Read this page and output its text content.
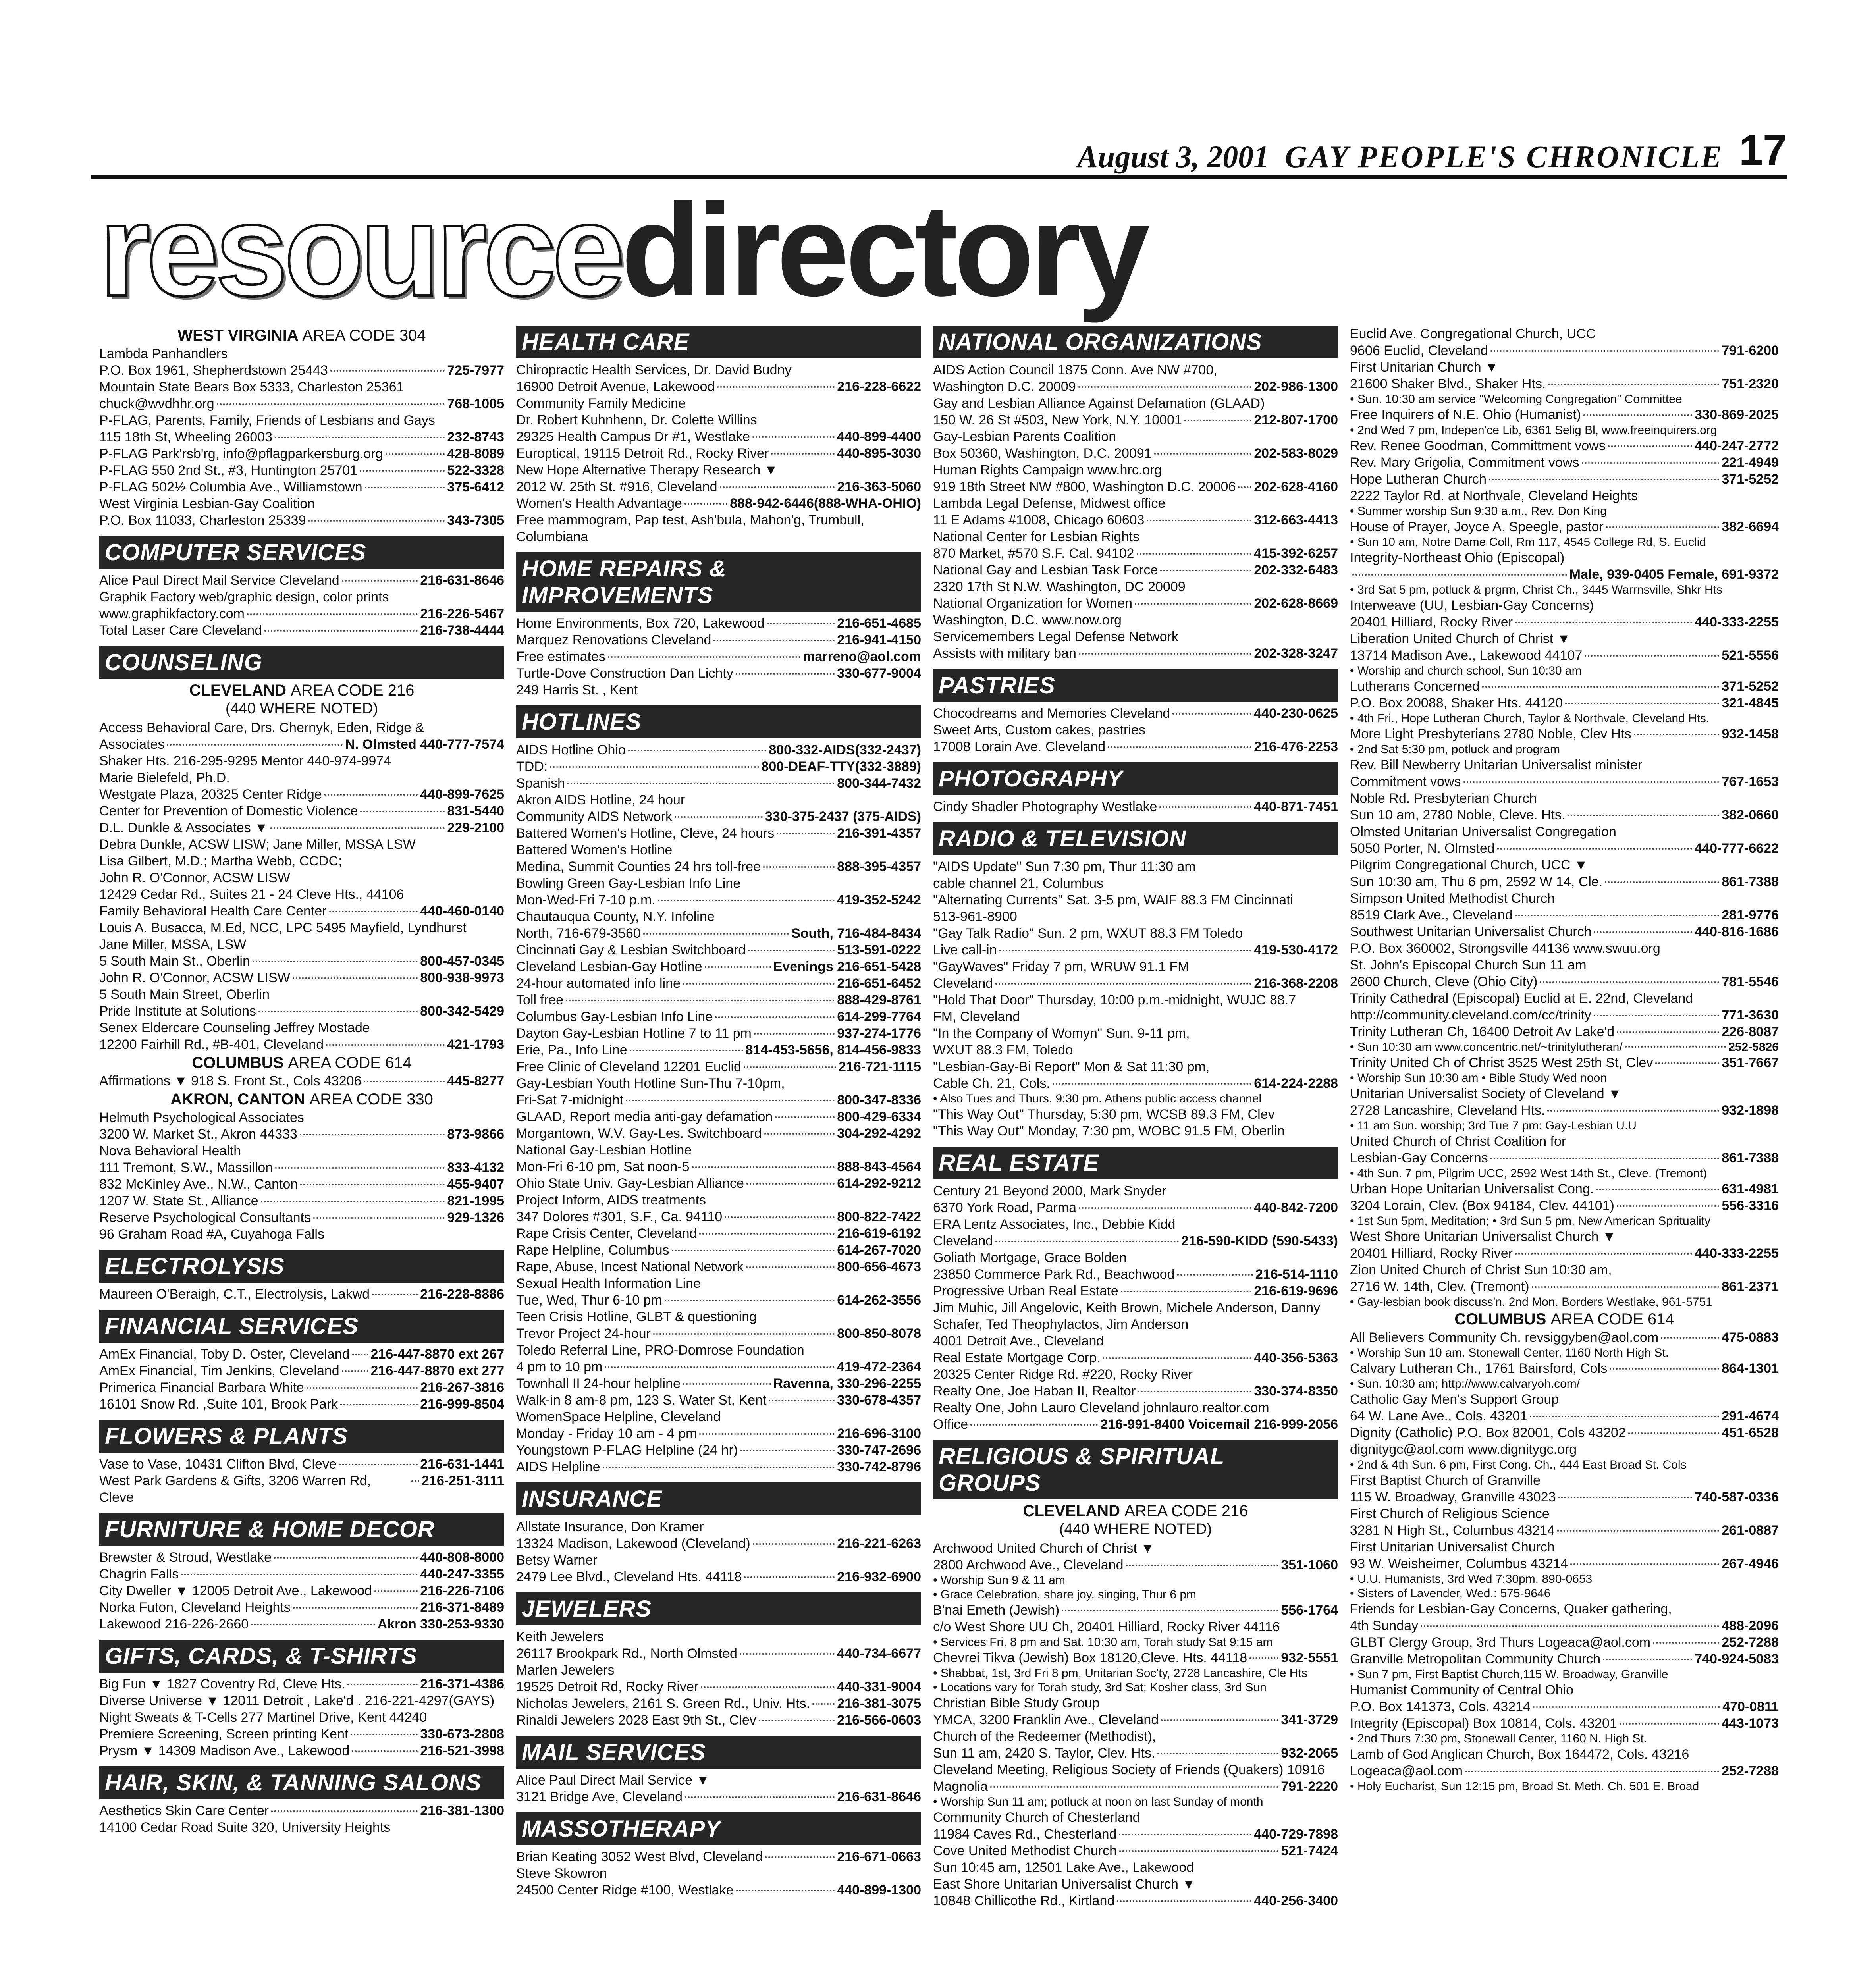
August 3, 2001 GAY PEOPLE'S CHRONICLE 17
resourcedirectory
WEST VIRGINIA AREA CODE 304
Lambda Panhandlers
P.O. Box 1961, Shepherdstown 25443	725-7977
Mountain State Bears Box 5333, Charleston 25361
chuck@wvdhhr.org	768-1005
P-FLAG, Parents, Family, Friends of Lesbians and Gays
115 18th St, Wheeling 26003	232-8743
P-FLAG Park'rsb'rg, info@pflagparkersburg.org	428-8089
P-FLAG 550 2nd St., #3, Huntington 25701	522-3328
P-FLAG 502½ Columbia Ave., Williamstown	375-6412
West Virginia Lesbian-Gay Coalition
P.O. Box 11033, Charleston 25339	343-7305
COMPUTER SERVICES
Alice Paul Direct Mail Service Cleveland	216-631-8646
Graphik Factory web/graphic design, color prints
www.graphikfactory.com	216-226-5467
Total Laser Care Cleveland	216-738-4444
COUNSELING
CLEVELAND AREA CODE 216
(440 WHERE NOTED)
Access Behavioral Care, Drs. Chernyk, Eden, Ridge &
Associates	N. Olmsted 440-777-7574
Shaker Hts. 216-295-9295 Mentor 440-974-9974
Marie Bielefeld, Ph.D.
Westgate Plaza, 20325 Center Ridge	440-899-7625
Center for Prevention of Domestic Violence	831-5440
D.L. Dunkle & Associates ▼	229-2100
Debra Dunkle, ACSW LISW; Jane Miller, MSSA LSW
Lisa Gilbert, M.D.; Martha Webb, CCDC;
John R. O'Connor, ACSW LISW
12429 Cedar Rd., Suites 21 - 24 Cleve Hts., 44106
Family Behavioral Health Care Center	440-460-0140
Louis A. Busacca, M.Ed, NCC, LPC 5495 Mayfield, Lyndhurst
Jane Miller, MSSA, LSW
5 South Main St., Oberlin	800-457-0345
John R. O'Connor, ACSW LISW	800-938-9973
5 South Main Street, Oberlin
Pride Institute at Solutions	800-342-5429
Senex Eldercare Counseling Jeffrey Mostade
12200 Fairhill Rd., #B-401, Cleveland	421-1793
COLUMBUS AREA CODE 614
Affirmations ▼ 918 S. Front St., Cols 43206	445-8277
AKRON, CANTON AREA CODE 330
Helmuth Psychological Associates
3200 W. Market St., Akron 44333	873-9866
Nova Behavioral Health
111 Tremont, S.W., Massillon	833-4132
832 McKinley Ave., N.W., Canton	455-9407
1207 W. State St., Alliance	821-1995
Reserve Psychological Consultants	929-1326
96 Graham Road #A, Cuyahoga Falls
ELECTROLYSIS
Maureen O'Beraigh, C.T., Electrolysis, Lakwd	216-228-8886
FINANCIAL SERVICES
AmEx Financial, Toby D. Oster, Cleveland 216-447-8870 ext 267
AmEx Financial, Tim Jenkins, Cleveland 216-447-8870 ext 277
Primerica Financial Barbara White	216-267-3816
16101 Snow Rd. ,Suite 101, Brook Park	216-999-8504
FLOWERS & PLANTS
Vase to Vase, 10431 Clifton Blvd, Cleve	216-631-1441
West Park Gardens & Gifts, 3206 Warren Rd, Cleve
216-251-3111
FURNITURE & HOME DECOR
Brewster & Stroud, Westlake	440-808-8000
Chagrin Falls	440-247-3355
City Dweller ▼ 12005 Detroit Ave., Lakewood	216-226-7106
Norka Futon, Cleveland Heights	216-371-8489
Lakewood 216-226-2660	Akron 330-253-9330
GIFTS, CARDS, & T-SHIRTS
Big Fun ▼ 1827 Coventry Rd, Cleve Hts.	216-371-4386
Diverse Universe ▼ 12011 Detroit , Lake'd . 216-221-4297(GAYS)
Night Sweats & T-Cells 277 Martinel Drive, Kent 44240
Premiere Screening, Screen printing Kent	330-673-2808
Prysm ▼ 14309 Madison Ave., Lakewood	216-521-3998
HAIR, SKIN, & TANNING SALONS
Aesthetics Skin Care Center	216-381-1300
14100 Cedar Road Suite 320, University Heights
HEALTH CARE
Chiropractic Health Services, Dr. David Budny
16900 Detroit Avenue, Lakewood	216-228-6622
Community Family Medicine
Dr. Robert Kuhnhenn, Dr. Colette Willins
29325 Health Campus Dr #1, Westlake	440-899-4400
Europtical, 19115 Detroit Rd., Rocky River	440-895-3030
New Hope Alternative Therapy Research ▼
2012 W. 25th St. #916, Cleveland	216-363-5060
Women's Health Advantage	888-942-6446(888-WHA-OHIO)
Free mammogram, Pap test, Ash'bula, Mahon'g, Trumbull, Columbiana
HOME REPAIRS & IMPROVEMENTS
Home Environments, Box 720, Lakewood	216-651-4685
Marquez Renovations Cleveland	216-941-4150
Free estimates	marreno@aol.com
Turtle-Dove Construction Dan Lichty	330-677-9004
249 Harris St. , Kent
HOTLINES
AIDS Hotline Ohio	800-332-AIDS(332-2437)
TDD:	800-DEAF-TTY(332-3889)
Spanish	800-344-7432
Akron AIDS Hotline, 24 hour
Community AIDS Network	330-375-2437 (375-AIDS)
Battered Women's Hotline, Cleve, 24 hours	216-391-4357
Battered Women's Hotline
Medina, Summit Counties 24 hrs toll-free	888-395-4357
Bowling Green Gay-Lesbian Info Line
Mon-Wed-Fri 7-10 p.m.	419-352-5242
Chautauqua County, N.Y. Infoline
North, 716-679-3560	South, 716-484-8434
Cincinnati Gay & Lesbian Switchboard	513-591-0222
Cleveland Lesbian-Gay Hotline	Evenings 216-651-5428
24-hour automated info line	216-651-6452
Toll free	888-429-8761
Columbus Gay-Lesbian Info Line	614-299-7764
Dayton Gay-Lesbian Hotline 7 to 11 pm	937-274-1776
Erie, Pa., Info Line	814-453-5656, 814-456-9833
Free Clinic of Cleveland 12201 Euclid	216-721-1115
Gay-Lesbian Youth Hotline Sun-Thu 7-10pm,
Fri-Sat 7-midnight	800-347-8336
GLAAD, Report media anti-gay defamation	800-429-6334
Morgantown, W.V. Gay-Les. Switchboard	304-292-4292
National Gay-Lesbian Hotline
Mon-Fri 6-10 pm, Sat noon-5	888-843-4564
Ohio State Univ. Gay-Lesbian Alliance	614-292-9212
Project Inform, AIDS treatments
347 Dolores #301, S.F., Ca. 94110	800-822-7422
Rape Crisis Center, Cleveland	216-619-6192
Rape Helpline, Columbus	614-267-7020
Rape, Abuse, Incest National Network	800-656-4673
Sexual Health Information Line
Tue, Wed, Thur 6-10 pm	614-262-3556
Teen Crisis Hotline, GLBT & questioning
Trevor Project 24-hour	800-850-8078
Toledo Referral Line, PRO-Domrose Foundation
4 pm to 10 pm	419-472-2364
Townhall II 24-hour helpline	Ravenna, 330-296-2255
Walk-in 8 am-8 pm, 123 S. Water St, Kent	330-678-4357
WomenSpace Helpline, Cleveland
Monday - Friday 10 am - 4 pm	216-696-3100
Youngstown P-FLAG Helpline (24 hr)	330-747-2696
AIDS Helpline	330-742-8796
INSURANCE
Allstate Insurance, Don Kramer
13324 Madison, Lakewood (Cleveland)	216-221-6263
Betsy Warner
2479 Lee Blvd., Cleveland Hts. 44118	216-932-6900
JEWELERS
Keith Jewelers
26117 Brookpark Rd., North Olmsted	440-734-6677
Marlen Jewelers
19525 Detroit Rd, Rocky River	440-331-9004
Nicholas Jewelers, 2161 S. Green Rd., Univ. Hts. 216-381-3075
Rinaldi Jewelers 2028 East 9th St., Clev	216-566-0603
MAIL SERVICES
Alice Paul Direct Mail Service ▼
3121 Bridge Ave, Cleveland	216-631-8646
MASSOTHERAPY
Brian Keating 3052 West Blvd, Cleveland	216-671-0663
Steve Skowron
24500 Center Ridge #100, Westlake	440-899-1300
NATIONAL ORGANIZATIONS
AIDS Action Council 1875 Conn. Ave NW #700,
Washington D.C. 20009	202-986-1300
Gay and Lesbian Alliance Against Defamation (GLAAD)
150 W. 26 St #503, New York, N.Y. 10001	212-807-1700
Gay-Lesbian Parents Coalition
Box 50360, Washington, D.C. 20091	202-583-8029
Human Rights Campaign www.hrc.org
919 18th Street NW #800, Washington D.C. 20006 202-628-4160
Lambda Legal Defense, Midwest office
11 E Adams #1008, Chicago 60603	312-663-4413
National Center for Lesbian Rights
870 Market, #570 S.F. Cal. 94102	415-392-6257
National Gay and Lesbian Task Force	202-332-6483
2320 17th St N.W. Washington, DC 20009
National Organization for Women	202-628-8669
Washington, D.C. www.now.org
Servicemembers Legal Defense Network
Assists with military ban	202-328-3247
PASTRIES
Chocodreams and Memories Cleveland	440-230-0625
Sweet Arts, Custom cakes, pastries
17008 Lorain Ave. Cleveland	216-476-2253
PHOTOGRAPHY
Cindy Shadler Photography Westlake	440-871-7451
RADIO & TELEVISION
"AIDS Update" Sun 7:30 pm, Thur 11:30 am
cable channel 21, Columbus
"Alternating Currents" Sat. 3-5 pm, WAIF 88.3 FM Cincinnati
513-961-8900
"Gay Talk Radio" Sun. 2 pm, WXUT 88.3 FM Toledo
Live call-in	419-530-4172
"GayWaves" Friday 7 pm, WRUW 91.1 FM
Cleveland	216-368-2208
"Hold That Door" Thursday, 10:00 p.m.-midnight, WUJC 88.7
FM, Cleveland
"In the Company of Womyn" Sun. 9-11 pm,
WXUT 88.3 FM, Toledo
"Lesbian-Gay-Bi Report" Mon & Sat 11:30 pm,
Cable Ch. 21, Cols.	614-224-2288
• Also Tues and Thurs. 9:30 pm. Athens public access channel
"This Way Out" Thursday, 5:30 pm, WCSB 89.3 FM, Clev
"This Way Out" Monday, 7:30 pm, WOBC 91.5 FM, Oberlin
REAL ESTATE
Century 21 Beyond 2000, Mark Snyder
6370 York Road, Parma	440-842-7200
ERA Lentz Associates, Inc., Debbie Kidd
Cleveland	216-590-KIDD (590-5433)
Goliath Mortgage, Grace Bolden
23850 Commerce Park Rd., Beachwood	216-514-1110
Progressive Urban Real Estate	216-619-9696
Jim Muhic, Jill Angelovic, Keith Brown, Michele Anderson, Danny
Schafer, Ted Theophylactos, Jim Anderson
4001 Detroit Ave., Cleveland
Real Estate Mortgage Corp.	440-356-5363
20325 Center Ridge Rd. #220, Rocky River
Realty One, Joe Haban II, Realtor	330-374-8350
Realty One, John Lauro Cleveland johnlauro.realtor.com
Office	216-991-8400 Voicemail 216-999-2056
RELIGIOUS & SPIRITUAL GROUPS
CLEVELAND AREA CODE 216
(440 WHERE NOTED)
Archwood United Church of Christ ▼
2800 Archwood Ave., Cleveland	351-1060
• Worship Sun 9 & 11 am
• Grace Celebration, share joy, singing, Thur 6 pm
B'nai Emeth (Jewish)	556-1764
c/o West Shore UU Ch, 20401 Hilliard, Rocky River 44116
• Services Fri. 8 pm and Sat. 10:30 am, Torah study Sat 9:15 am
Chevrei Tikva (Jewish) Box 18120,Cleve. Hts. 44118	932-5551
• Shabbat, 1st, 3rd Fri 8 pm, Unitarian Soc'ty, 2728 Lancashire, Cle Hts
• Locations vary for Torah study, 3rd Sat; Kosher class, 3rd Sun
Christian Bible Study Group
YMCA, 3200 Franklin Ave., Cleveland	341-3729
Church of the Redeemer (Methodist),
Sun 11 am, 2420 S. Taylor, Clev. Hts.	932-2065
Cleveland Meeting, Religious Society of Friends (Quakers) 10916
Magnolia	791-2220
• Worship Sun 11 am; potluck at noon on last Sunday of month
Community Church of Chesterland
11984 Caves Rd., Chesterland	440-729-7898
Cove United Methodist Church	521-7424
Sun 10:45 am, 12501 Lake Ave., Lakewood
East Shore Unitarian Universalist Church ▼
10848 Chillicothe Rd., Kirtland	440-256-3400
Euclid Ave. Congregational Church, UCC
9606 Euclid, Cleveland	791-6200
First Unitarian Church ▼
21600 Shaker Blvd., Shaker Hts.	751-2320
• Sun. 10:30 am service "Welcoming Congregation" Committee
Free Inquirers of N.E. Ohio (Humanist)	330-869-2025
• 2nd Wed 7 pm, Indepen'ce Lib, 6361 Selig Bl, www.freeinquirers.org
Rev. Renee Goodman, Committment vows	440-247-2772
Rev. Mary Grigolia, Commitment vows	221-4949
Hope Lutheran Church	371-5252
2222 Taylor Rd. at Northvale, Cleveland Heights
• Summer worship Sun 9:30 a.m., Rev. Don King
House of Prayer, Joyce A. Speegle, pastor	382-6694
• Sun 10 am, Notre Dame Coll, Rm 117, 4545 College Rd, S. Euclid
Integrity-Northeast Ohio (Episcopal)
Male, 939-0405 Female, 691-9372
• 3rd Sat 5 pm, potluck & prgrm, Christ Ch., 3445 Warrnsville, Shkr Hts
Interweave (UU, Lesbian-Gay Concerns)
20401 Hilliard, Rocky River	440-333-2255
Liberation United Church of Christ ▼
13714 Madison Ave., Lakewood 44107	521-5556
• Worship and church school, Sun 10:30 am
Lutherans Concerned	371-5252
P.O. Box 20088, Shaker Hts. 44120	321-4845
• 4th Fri., Hope Lutheran Church, Taylor & Northvale, Cleveland Hts.
More Light Presbyterians 2780 Noble, Clev Hts	932-1458
• 2nd Sat 5:30 pm, potluck and program
Rev. Bill Newberry Unitarian Universalist minister
Commitment vows	767-1653
Noble Rd. Presbyterian Church
Sun 10 am, 2780 Noble, Cleve. Hts.	382-0660
Olmsted Unitarian Universalist Congregation
5050 Porter, N. Olmsted	440-777-6622
Pilgrim Congregational Church, UCC ▼
Sun 10:30 am, Thu 6 pm, 2592 W 14, Cle.	861-7388
Simpson United Methodist Church
8519 Clark Ave., Cleveland	281-9776
Southwest Unitarian Universalist Church	440-816-1686
P.O. Box 360002, Strongsville 44136 www.swuu.org
St. John's Episcopal Church Sun 11 am
2600 Church, Cleve (Ohio City)	781-5546
Trinity Cathedral (Episcopal) Euclid at E. 22nd, Cleveland
http://community.cleveland.com/cc/trinity	771-3630
Trinity Lutheran Ch, 16400 Detroit Av Lake'd	226-8087
• Sun 10:30 am www.concentric.net/~trinitylutheran/	252-5826
Trinity United Ch of Christ 3525 West 25th St, Clev	351-7667
• Worship Sun 10:30 am • Bible Study Wed noon
Unitarian Universalist Society of Cleveland ▼
2728 Lancashire, Cleveland Hts.	932-1898
• 11 am Sun. worship; 3rd Tue 7 pm: Gay-Lesbian U.U
United Church of Christ Coalition for
Lesbian-Gay Concerns	861-7388
• 4th Sun. 7 pm, Pilgrim UCC, 2592 West 14th St., Cleve. (Tremont)
Urban Hope Unitarian Universalist Cong.	631-4981
3204 Lorain, Clev. (Box 94184, Clev. 44101)	556-3316
• 1st Sun 5pm, Meditation; • 3rd Sun 5 pm, New American Sprituality
West Shore Unitarian Universalist Church ▼
20401 Hilliard, Rocky River	440-333-2255
Zion United Church of Christ Sun 10:30 am,
2716 W. 14th, Clev. (Tremont)	861-2371
• Gay-lesbian book discuss'n, 2nd Mon. Borders Westlake, 961-5751
COLUMBUS AREA CODE 614
All Believers Community Ch. revsiggyben@aol.com	475-0883
• Worship Sun 10 am. Stonewall Center, 1160 North High St.
Calvary Lutheran Ch., 1761 Bairsford, Cols	864-1301
• Sun. 10:30 am; http://www.calvaryoh.com/
Catholic Gay Men's Support Group
64 W. Lane Ave., Cols. 43201	291-4674
Dignity (Catholic) P.O. Box 82001, Cols 43202	451-6528
dignitygc@aol.com www.dignitygc.org
• 2nd & 4th Sun. 6 pm, First Cong. Ch., 444 East Broad St. Cols
First Baptist Church of Granville
115 W. Broadway, Granville 43023	740-587-0336
First Church of Religious Science
3281 N High St., Columbus 43214	261-0887
First Unitarian Universalist Church
93 W. Weisheimer, Columbus 43214	267-4946
• U.U. Humanists, 3rd Wed 7:30pm. 890-0653
• Sisters of Lavender, Wed.: 575-9646
Friends for Lesbian-Gay Concerns, Quaker gathering,
4th Sunday	488-2096
GLBT Clergy Group, 3rd Thurs Logeaca@aol.com	252-7288
Granville Metropolitan Community Church	740-924-5083
• Sun 7 pm, First Baptist Church,115 W. Broadway, Granville
Humanist Community of Central Ohio
P.O. Box 141373, Cols. 43214	470-0811
Integrity (Episcopal) Box 10814, Cols. 43201	443-1073
• 2nd Thurs 7:30 pm, Stonewall Center, 1160 N. High St.
Lamb of God Anglican Church, Box 164472, Cols. 43216
Logeaca@aol.com	252-7288
• Holy Eucharist, Sun 12:15 pm, Broad St. Meth. Ch. 501 E. Broad
